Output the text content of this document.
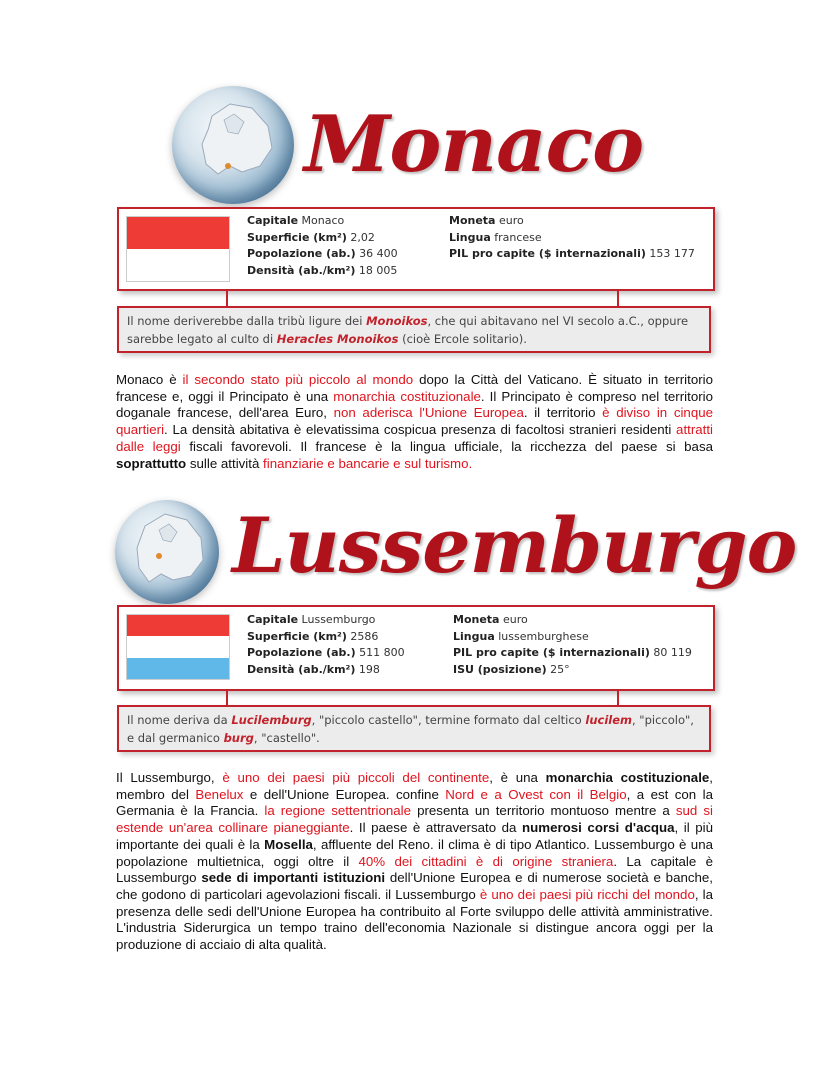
Monaco
Capitale Monaco
Superficie (km²) 2,02
Popolazione (ab.) 36 400
Densità (ab./km²) 18 005
Moneta euro
Lingua francese
PIL pro capite ($ internazionali) 153 177
Il nome deriverebbe dalla tribù ligure dei Monoikos, che qui abitavano nel VI secolo a.C., oppure sarebbe legato al culto di Heracles Monoikos (cioè Ercole solitario).
Monaco è il secondo stato più piccolo al mondo dopo la Città del Vaticano. È situato in territorio francese e, oggi il Principato è una monarchia costituzionale. Il Principato è compreso nel territorio doganale francese, dell'area Euro, non aderisca l'Unione Europea. il territorio è diviso in cinque quartieri. La densità abitativa è elevatissima cospicua presenza di facoltosi stranieri residenti attratti dalle leggi fiscali favorevoli. Il francese è la lingua ufficiale, la ricchezza del paese si basa soprattutto sulle attività finanziarie e bancarie e sul turismo.
Lussemburgo
Capitale Lussemburgo
Superficie (km²) 2586
Popolazione (ab.) 511 800
Densità (ab./km²) 198
Moneta euro
Lingua lussemburghese
PIL pro capite ($ internazionali) 80 119
ISU (posizione) 25°
Il nome deriva da Lucilemburg, "piccolo castello", termine formato dal celtico lucilem, "piccolo", e dal germanico burg, "castello".
Il Lussemburgo, è uno dei paesi più piccoli del continente, è una monarchia costituzionale, membro del Benelux e dell'Unione Europea. confine Nord e a Ovest con il Belgio, a est con la Germania è la Francia. la regione settentrionale presenta un territorio montuoso mentre a sud si estende un'area collinare pianeggiante. Il paese è attraversato da numerosi corsi d'acqua, il più importante dei quali è la Mosella, affluente del Reno. il clima è di tipo Atlantico. Lussemburgo è una popolazione multietnica, oggi oltre il 40% dei cittadini è di origine straniera. La capitale è Lussemburgo sede di importanti istituzioni dell'Unione Europea e di numerose società e banche, che godono di particolari agevolazioni fiscali. il Lussemburgo è uno dei paesi più ricchi del mondo, la presenza delle sedi dell'Unione Europea ha contribuito al Forte sviluppo delle attività amministrative. L'industria Siderurgica un tempo traino dell'economia Nazionale si distingue ancora oggi per la produzione di acciaio di alta qualità.
